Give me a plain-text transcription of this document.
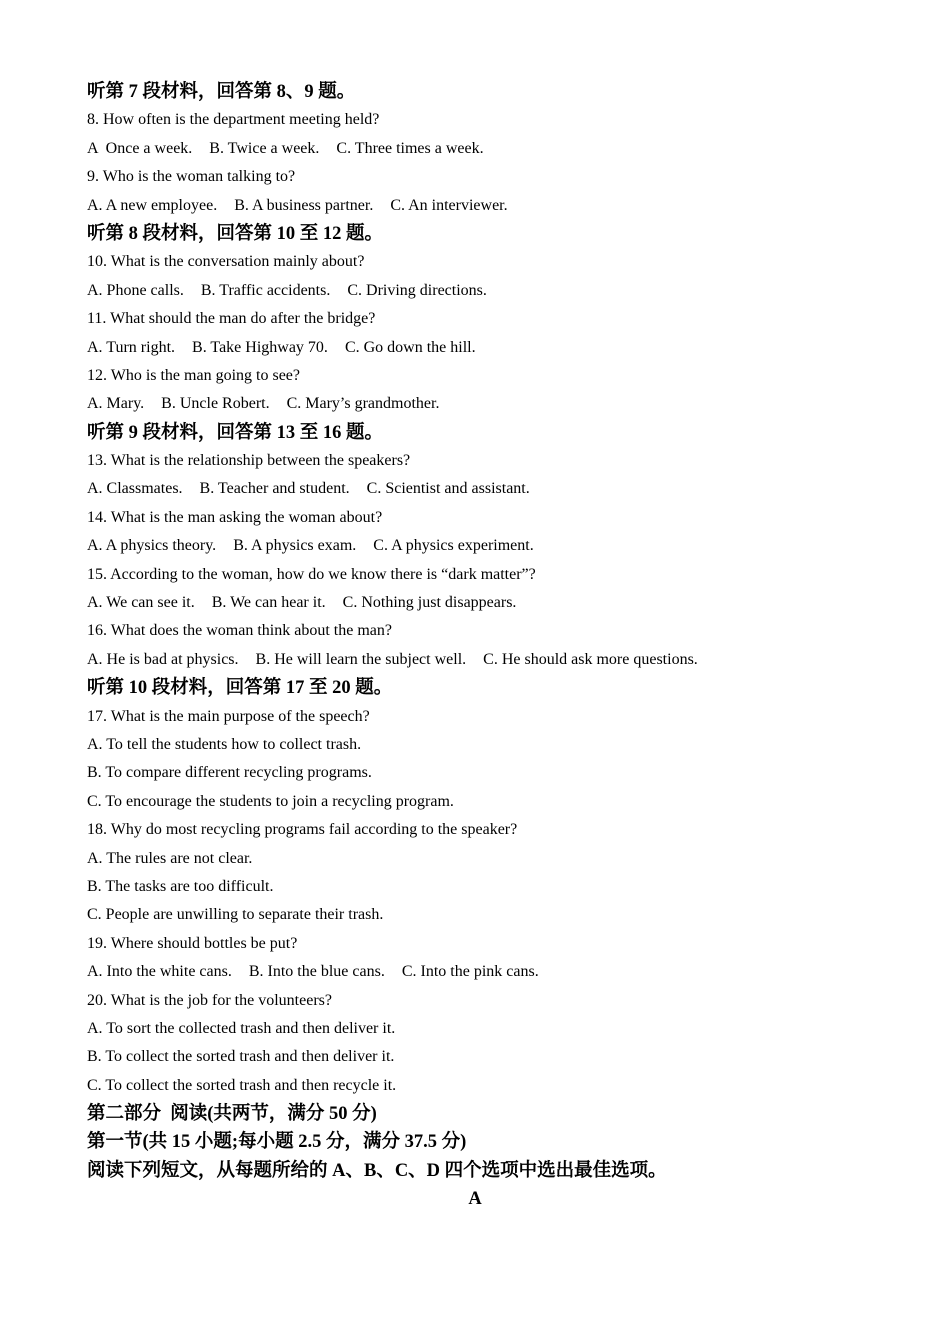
听第 7 段材料，回答第 8、9 题。
8. How often is the department meeting held?
A  Once a week. B. Twice a week. C. Three times a week.
9. Who is the woman talking to?
A. A new employee. B. A business partner. C. An interviewer.
听第 8 段材料，回答第 10 至 12 题。
10. What is the conversation mainly about?
A. Phone calls. B. Traffic accidents. C. Driving directions.
11. What should the man do after the bridge?
A. Turn right. B. Take Highway 70. C. Go down the hill.
12. Who is the man going to see?
A. Mary. B. Uncle Robert. C. Mary’s grandmother.
听第 9 段材料，回答第 13 至 16 题。
13. What is the relationship between the speakers?
A. Classmates. B. Teacher and student. C. Scientist and assistant.
14. What is the man asking the woman about?
A. A physics theory. B. A physics exam. C. A physics experiment.
15. According to the woman, how do we know there is “dark matter”?
A. We can see it. B. We can hear it. C. Nothing just disappears.
16. What does the woman think about the man?
A. He is bad at physics. B. He will learn the subject well. C. He should ask more questions.
听第 10 段材料，回答第 17 至 20 题。
17. What is the main purpose of the speech?
A. To tell the students how to collect trash.
B. To compare different recycling programs.
C. To encourage the students to join a recycling program.
18. Why do most recycling programs fail according to the speaker?
A. The rules are not clear.
B. The tasks are too difficult.
C. People are unwilling to separate their trash.
19. Where should bottles be put?
A. Into the white cans. B. Into the blue cans. C. Into the pink cans.
20. What is the job for the volunteers?
A. To sort the collected trash and then deliver it.
B. To collect the sorted trash and then deliver it.
C. To collect the sorted trash and then recycle it.
第二部分  阅读(共两节，满分 50 分)
第一节(共 15 小题;每小题 2.5 分，满分 37.5 分)
阅读下列短文，从每题所给的 A、B、C、D 四个选项中选出最佳选项。
A
